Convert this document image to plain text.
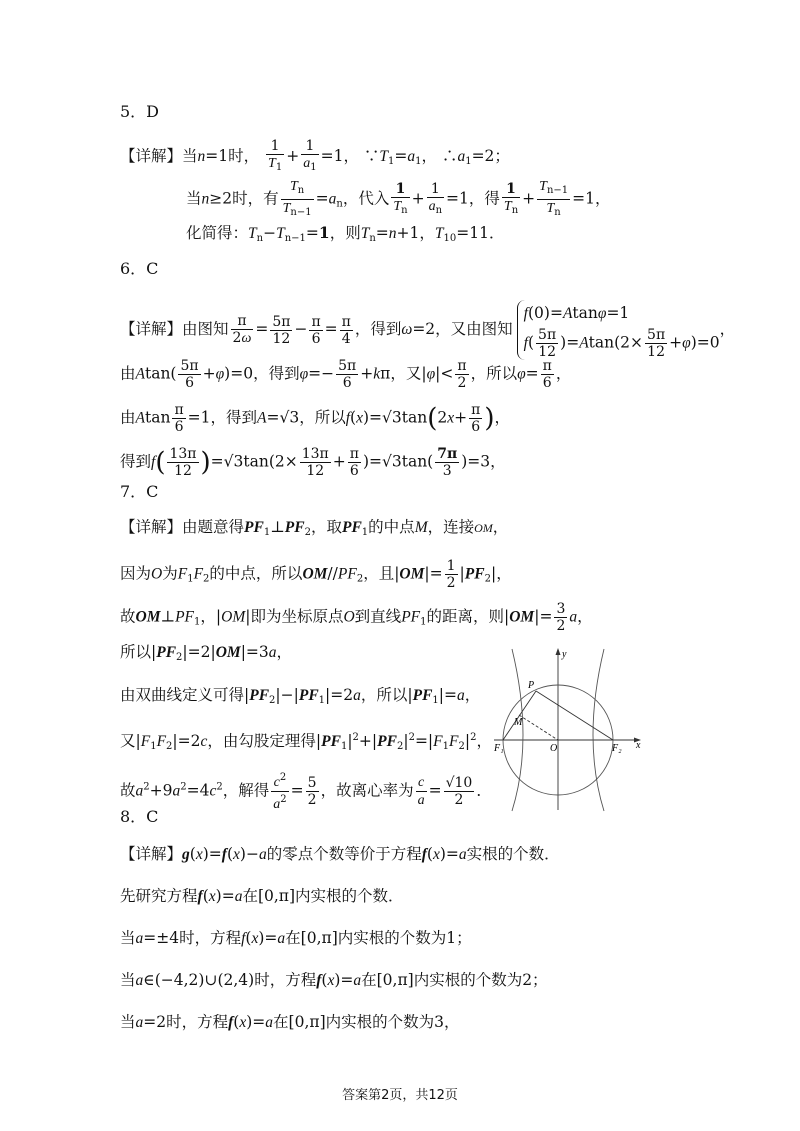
5．D
【详解】当n=1时， $\frac{1}{T_1} + \frac{1}{a_1} =1$， $\because T_1=a_1$， $\therefore a_1=2$；
当n≥2时，有 $\frac{T_n}{T_{n-1}} =a_n$，代入 $\frac{1}{T_n} + \frac{1}{a_n} =1$，得 $\frac{1}{T_n} + \frac{T_{n-1}}{T_n} =1$，
化简得：$T_n-T_{n-1}=1$，则$T_n=n+1$，$T_{10}=11$．
6．C
【详解】由图知 $\frac{\pi}{2\omega} = \frac{5\pi}{12} - \frac{\pi}{6} = \frac{\pi}{4}$ ，得到ω=2，又由图知
f(0)=Atanφ=1
$f( \frac{5\pi}{12} )=Atan(2\times \frac{5\pi}{12} +\varphi)=0$
，
由$Atan( \frac{5\pi}{6} +\varphi)=0$，得到$\varphi=- \frac{5\pi}{6} +k\pi$，又$|\varphi|< \frac{\pi}{2}$ ，所以$\varphi= \frac{\pi}{6}$ ，
由Atan $\frac{\pi}{6} =1$，得到A=√3，所以$f(x)=√3\tan(2x+ \frac{\pi}{6}$ )，
得到$f( \frac{13\pi}{12} )=√3\tan(2\times \frac{13\pi}{12} + \frac{\pi}{6} )=√3\tan( \frac{7\pi}{3} )=3$，
7．C
【详解】由题意得$PF_1\perp PF_2$，取$PF_1$的中点M，连接OM，
因为O为$F_1F_2$的中点，所以$OM//PF_2$，且$|OM|= \frac{1}{2} |PF_2|$，
故$OM\perp PF_1$，|OM|即为坐标原点O到直线$PF_1$的距离，则$|OM|= \frac{3}{2}$ a，
所以$|PF_2|=2|OM|=3a$，
由双曲线定义可得$|PF_2|-|PF_1|=2a$，所以$|PF_1|=a$，
又$|F_1F_2|=2c$，由勾股定理得$|PF_1|^2+|PF_2|^2=|F_1F_2|^2$，
故$a^2+9a^2=4c^2$，解得 $\frac{c^2}{a^2} = \frac{5}{2}$ ，故离心率为 $\frac{c}{a} = \frac{√10}{2}$ ．
y
x
P
M
O
F₁	F₂
8．C
【详解】g(x)=f(x)−a的零点个数等价于方程f(x)=a实根的个数．
先研究方程f(x)=a在[0,π]内实根的个数．
当a=±4时，方程f(x)=a在[0,π]内实根的个数为1；
当a∈(−4,2)∪(2,4)时，方程f(x)=a在[0,π]内实根的个数为2；
当a=2时，方程f(x)=a在[0,π]内实根的个数为3，
答案第2页，共12页
